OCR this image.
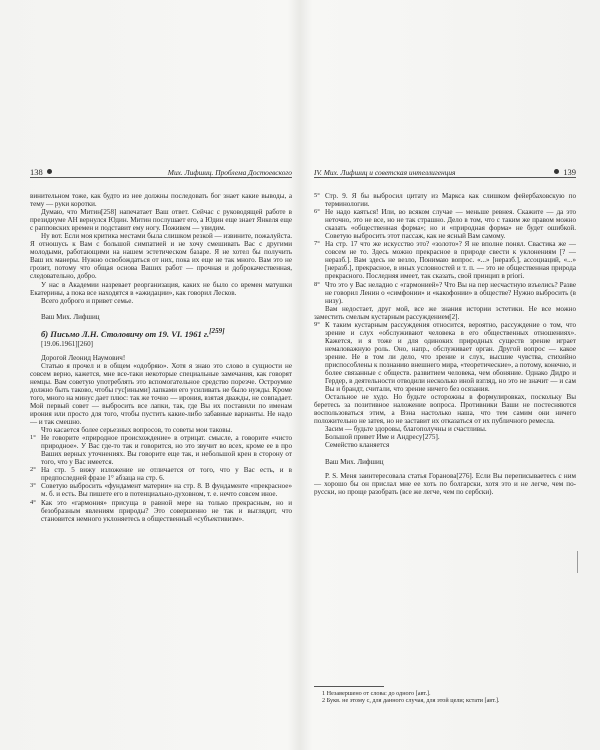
138	Мих. Лифшиц. Проблема Достоевского

винительном тоже, как будто из нее должны последовать бог знает какие выводы, а тему — руки коротки.

Думаю, что Митин[258] напечатает Ваш ответ. Сейчас с руководящей работе в президиуме АН вернулся Юдин. Митин послушает его, а Юдин еще знает Янкеля еще с рапповских времен и подставит ему ногу. Поживем — увидим.

Ну вот. Если моя критика местами была слишком резкой — извините, пожалуйста. Я отношусь к Вам с большой симпатией и не хочу смешивать Вас с другими молодыми, работающими на нашем эстетическом базаре. Я не хотел бы получить Ваш их манеры. Нужно освобождаться от них, пока их еще не так много. Вам это не грозит, потому что общая основа Ваших работ — прочная и доброкачественная, следовательно, добро.

У нас в Академии назревает реорганизация, каких не было со времен матушки Екатерины, а пока все находятся в «ажидации», как говорил Лесков.

Всего доброго и привет семье.

Ваш Мих. Лифшиц

б) Письмо Л.Н. Столовичу от 19. VI. 1961 г.[259]

[19.06.1961][260]

Дорогой Леонид Наумович!

Статью я прочел и в общем «одобряю». Хотя я знаю это слово в сущности не совсем верно, кажется, мне все-таки некоторые специальные замечания, как говорят немцы. Вам советую употреблять это вспомогательное средство порезче. Остроумие должно быть таково, чтобы гус[иными] лапками его усиливать не было нужды. Кроме того, много на минус дает плюс: так же точно — ирония, взятая дважды, не совпадает. Мой первый совет — выбросить все лапки, так, где Вы их поставили по именам ирония или просто для того, чтобы пустить какие-либо забавные варианты. Не надо — и так смешно.

Что касается более серьезных вопросов, то советы мои таковы.

1° Не говорите «природное происхождение» в отрицат. смысле, а говорите «чисто природное». У Вас где-то так и говорится, но это звучит во всех, кроме ее в про Ваших верных уточнениях. Вы говорите еще так, и небольшой крен в сторону от того, что у Вас имеется.
2° На стр. 5 вижу изложение не отличается от того, что у Вас есть, и в предпоследней фразе 1° абзаца на стр. 6.
3° Советую выбросить «фундамент материи» на стр. 8. В фундаменте «прекрасное» м. б. и есть. Вы пишете его в потенциально-духовном, т. е. нечто совсем иное.
4° Как это «гармония» присуща в равной мере на только прекрасным, но и безобразным явлениям природы? Это совершенно не так и выглядит, что становится немного уклоняетесь в общественный «субъективизм».
IV. Мих. Лифшиц и советская интеллигенция	139
5° Стр. 9. Я бы выбросил цитату из Маркса как слишком фейербаховскую по терминологии.
6° Не надо каяться! Или, во всяком случае — меньше ревнея. Скажите — да это неточно, это не все, но не так страшно. Дело в том, что с таким же правом можно сказать «общественная форма»; но и «природная форма» не будет ошибкой. Советую выбросить этот пассаж, как не ясный Вам самому.
7° На стр. 17 что же искусство это? «золото»? Я не вполне понял. Свастика же — совсем не то. Здесь можно прекрасное в природе свести к уклонениям [? — неразб.]. Вам здесь не везло, Понимаю вопрос. «...» [неразб.], ассоциаций, «...» [неразб.], прекрасное, в иных условностей и т. п. — это не общественная природа прекрасного. Последняя имеет, так сказать, свой принцип в priori.
8° Что это у Вас неладно с «гармонией»? Что Вы на пер несчастную взъелись? Разве не говорил Ленин о «симфонии» и «какофонии» в обществе? Нужно выбросить (в низу).

Вам недостает, друг мой, все же знания истории эстетики. Не все можно заместить смелым кустарным рассуждением[2].

9° К таким кустарным рассуждения относится, вероятно, рассуждение о том, что зрение и слух «обслуживают человека в его общественных отношениях». Кажется, и я тоже и для одиноких природных существ зрение играет немаловажную роль. Оно, напр., обслуживает орган. Другой вопрос — какое зрение. Не в том ли дело, что зрение и слух, высшие чувства, стихийно приспособлены к познанию внешнего мира, «теоретические», а потому, конечно, и более связанные с обществ. развитием человека, чем обоняние. Однако Дидро и Гердер, в деятельности отводили несколько иной взгляд, но это не значит — и сам Вы и брандт, считали, что зрение ничего без осязания.

Остальное не худо. Но будьте осторожны в формулировках, поскольку Вы беретесь за позитивное наложение вопроса. Противники Ваши не постесняются воспользоваться этим, а Вэна настолько наша, что тем самим они ничего положительно не затея, но не заставит их отказаться от их публичного ремесла.

Засим — будьте здоровы, благополучны и счастливы.

Большой привет Име и Андресу[275].

Семейство кланяется

Ваш Мих. Лифшиц

P. S. Меня заинтересовала статья Горанова[276]. Если Вы переписываетесь с ним — хорошо бы он прислал мне ее хоть по болгарски, хотя это и не легче, чем по-русски, но проще разобрать (все же легче, чем по сербски).

1 Незавершено от слова: до одного [авт.].
2 Букв. не этому с, для данного случая, для этой цели; кстати [авт.].
